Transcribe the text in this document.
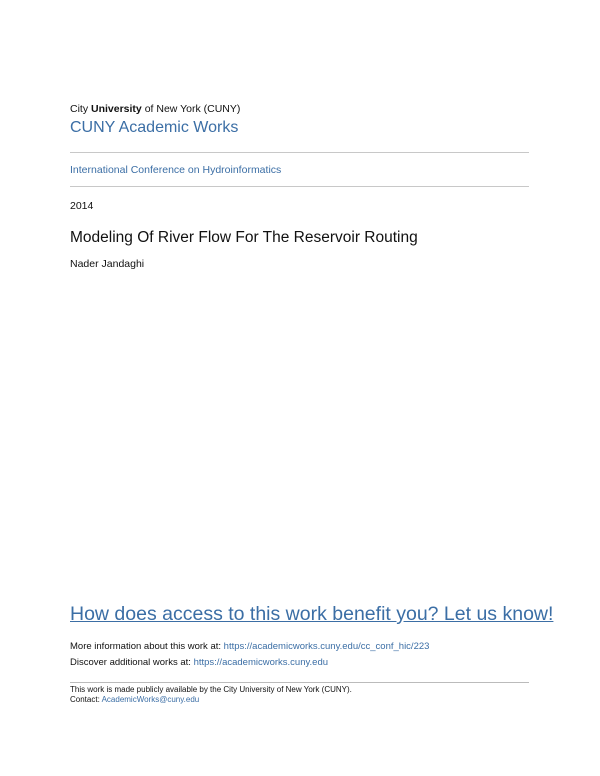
City University of New York (CUNY)
CUNY Academic Works
International Conference on Hydroinformatics
2014
Modeling Of River Flow For The Reservoir Routing
Nader Jandaghi
How does access to this work benefit you? Let us know!
More information about this work at: https://academicworks.cuny.edu/cc_conf_hic/223
Discover additional works at: https://academicworks.cuny.edu
This work is made publicly available by the City University of New York (CUNY).
Contact: AcademicWorks@cuny.edu
